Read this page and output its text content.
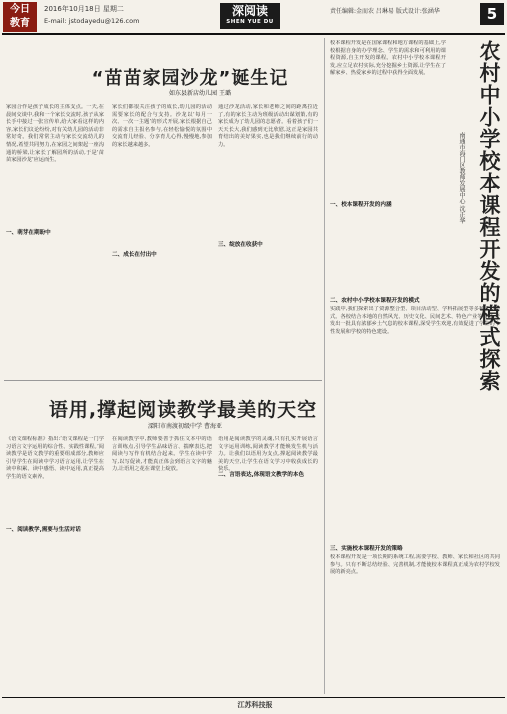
今日
教育
2016年10月18日 星期二
E-mail: jstodayedu@126.com
深阅读
SHEN YUE DU
责任编辑:金而农 吕琳易 版式设计:张涵华	5
“苗苗家园沙龙”诞生记
如东县新店幼儿园 王璐

家园合作是孩子成长的主体支点。一天,在晨间交谈中,我和一个家长交流时,孩子从家长手中接过一张宣传单,给大家看这样的内容,家长们议论纷纷,对有关幼儿园的活动非常好奇。我们常常主动与家长交流幼儿的情况,希望共同努力,在家园之间架起一座沟通的桥梁,让家长了解园所的活动,于是‘苗苗家园沙龙’应运而生。

一、萌芽在期盼中

家长们都很关注孩子的成长,幼儿园的活动需要家长的配合与支持。沙龙以‘每月一次、一次一主题’的形式开展,家长根据自己的需求自主报名参与,在轻松愉悦的氛围中交流育儿经验、分享育儿心得,慢慢地,参加的家长越来越多。

二、成长在付出中

通过沙龙活动,家长和老师之间的距离拉近了,有的家长主动为班级活动出谋划策,有的家长成为了幼儿园的志愿者。看着孩子们一天天长大,我们感到无比欣慰,这正是家园共育结出的美好果实,也是我们继续前行的动力。

三、绽放在收获中
语用,撑起阅读教学最美的天空
溧阳市南渡初级中学 曹海亚

《语文课程标准》指出:‘语文课程是一门学习语言文字运用的综合性、实践性课程。’阅读教学是语文教学的重要组成部分,教师应引导学生在阅读中学习语言运用,让学生在读中积累、读中感悟、读中运用,真正提高学生的语文素养。

一、阅读教学,需要与生活对话

在阅读教学中,教师要善于抓住文本中的语言训练点,引导学生品味语言、揣摩表达,把阅读与写作有机结合起来。学生在读中学写,以写促读,才能真正体会到语言文字的魅力,让语用之花在课堂上绽放。

语用是阅读教学的灵魂,只有扎实开展语言文字运用训练,阅读教学才能焕发生机与活力。让我们以语用为支点,撑起阅读教学最美的天空,让学生在语文学习中收获成长的快乐。

二、言语表达,体现语文教学的本色
农村中小学校本课程开发的模式探索
南通市海门区教师发展中心 沈正华

校本课程开发是在国家课程和地方课程的基础上,学校根据自身的办学理念、学生的需求和可利用的课程资源,自主开发的课程。农村中小学校本课程开发,应立足农村实际,充分挖掘乡土资源,让学生在了解家乡、热爱家乡的过程中获得全面发展。

一、校本课程开发的内涵
二、农村中小学校本课程开发的模式

实践中,我们探索出了资源整合型、项目活动型、学科拓展型等多种开发模式。各校结合本地的自然风光、历史文化、民间艺术、特色产业等资源,开发出一批具有浓郁乡土气息的校本课程,深受学生欢迎,有效促进了学生的个性发展和学校的特色建设。

三、实施校本课程开发的策略

校本课程开发是一项长期的系统工程,需要学校、教师、家长和社区的共同参与。只有不断总结经验、完善机制,才能使校本课程真正成为农村学校发展的新亮点。

江苏科技报
